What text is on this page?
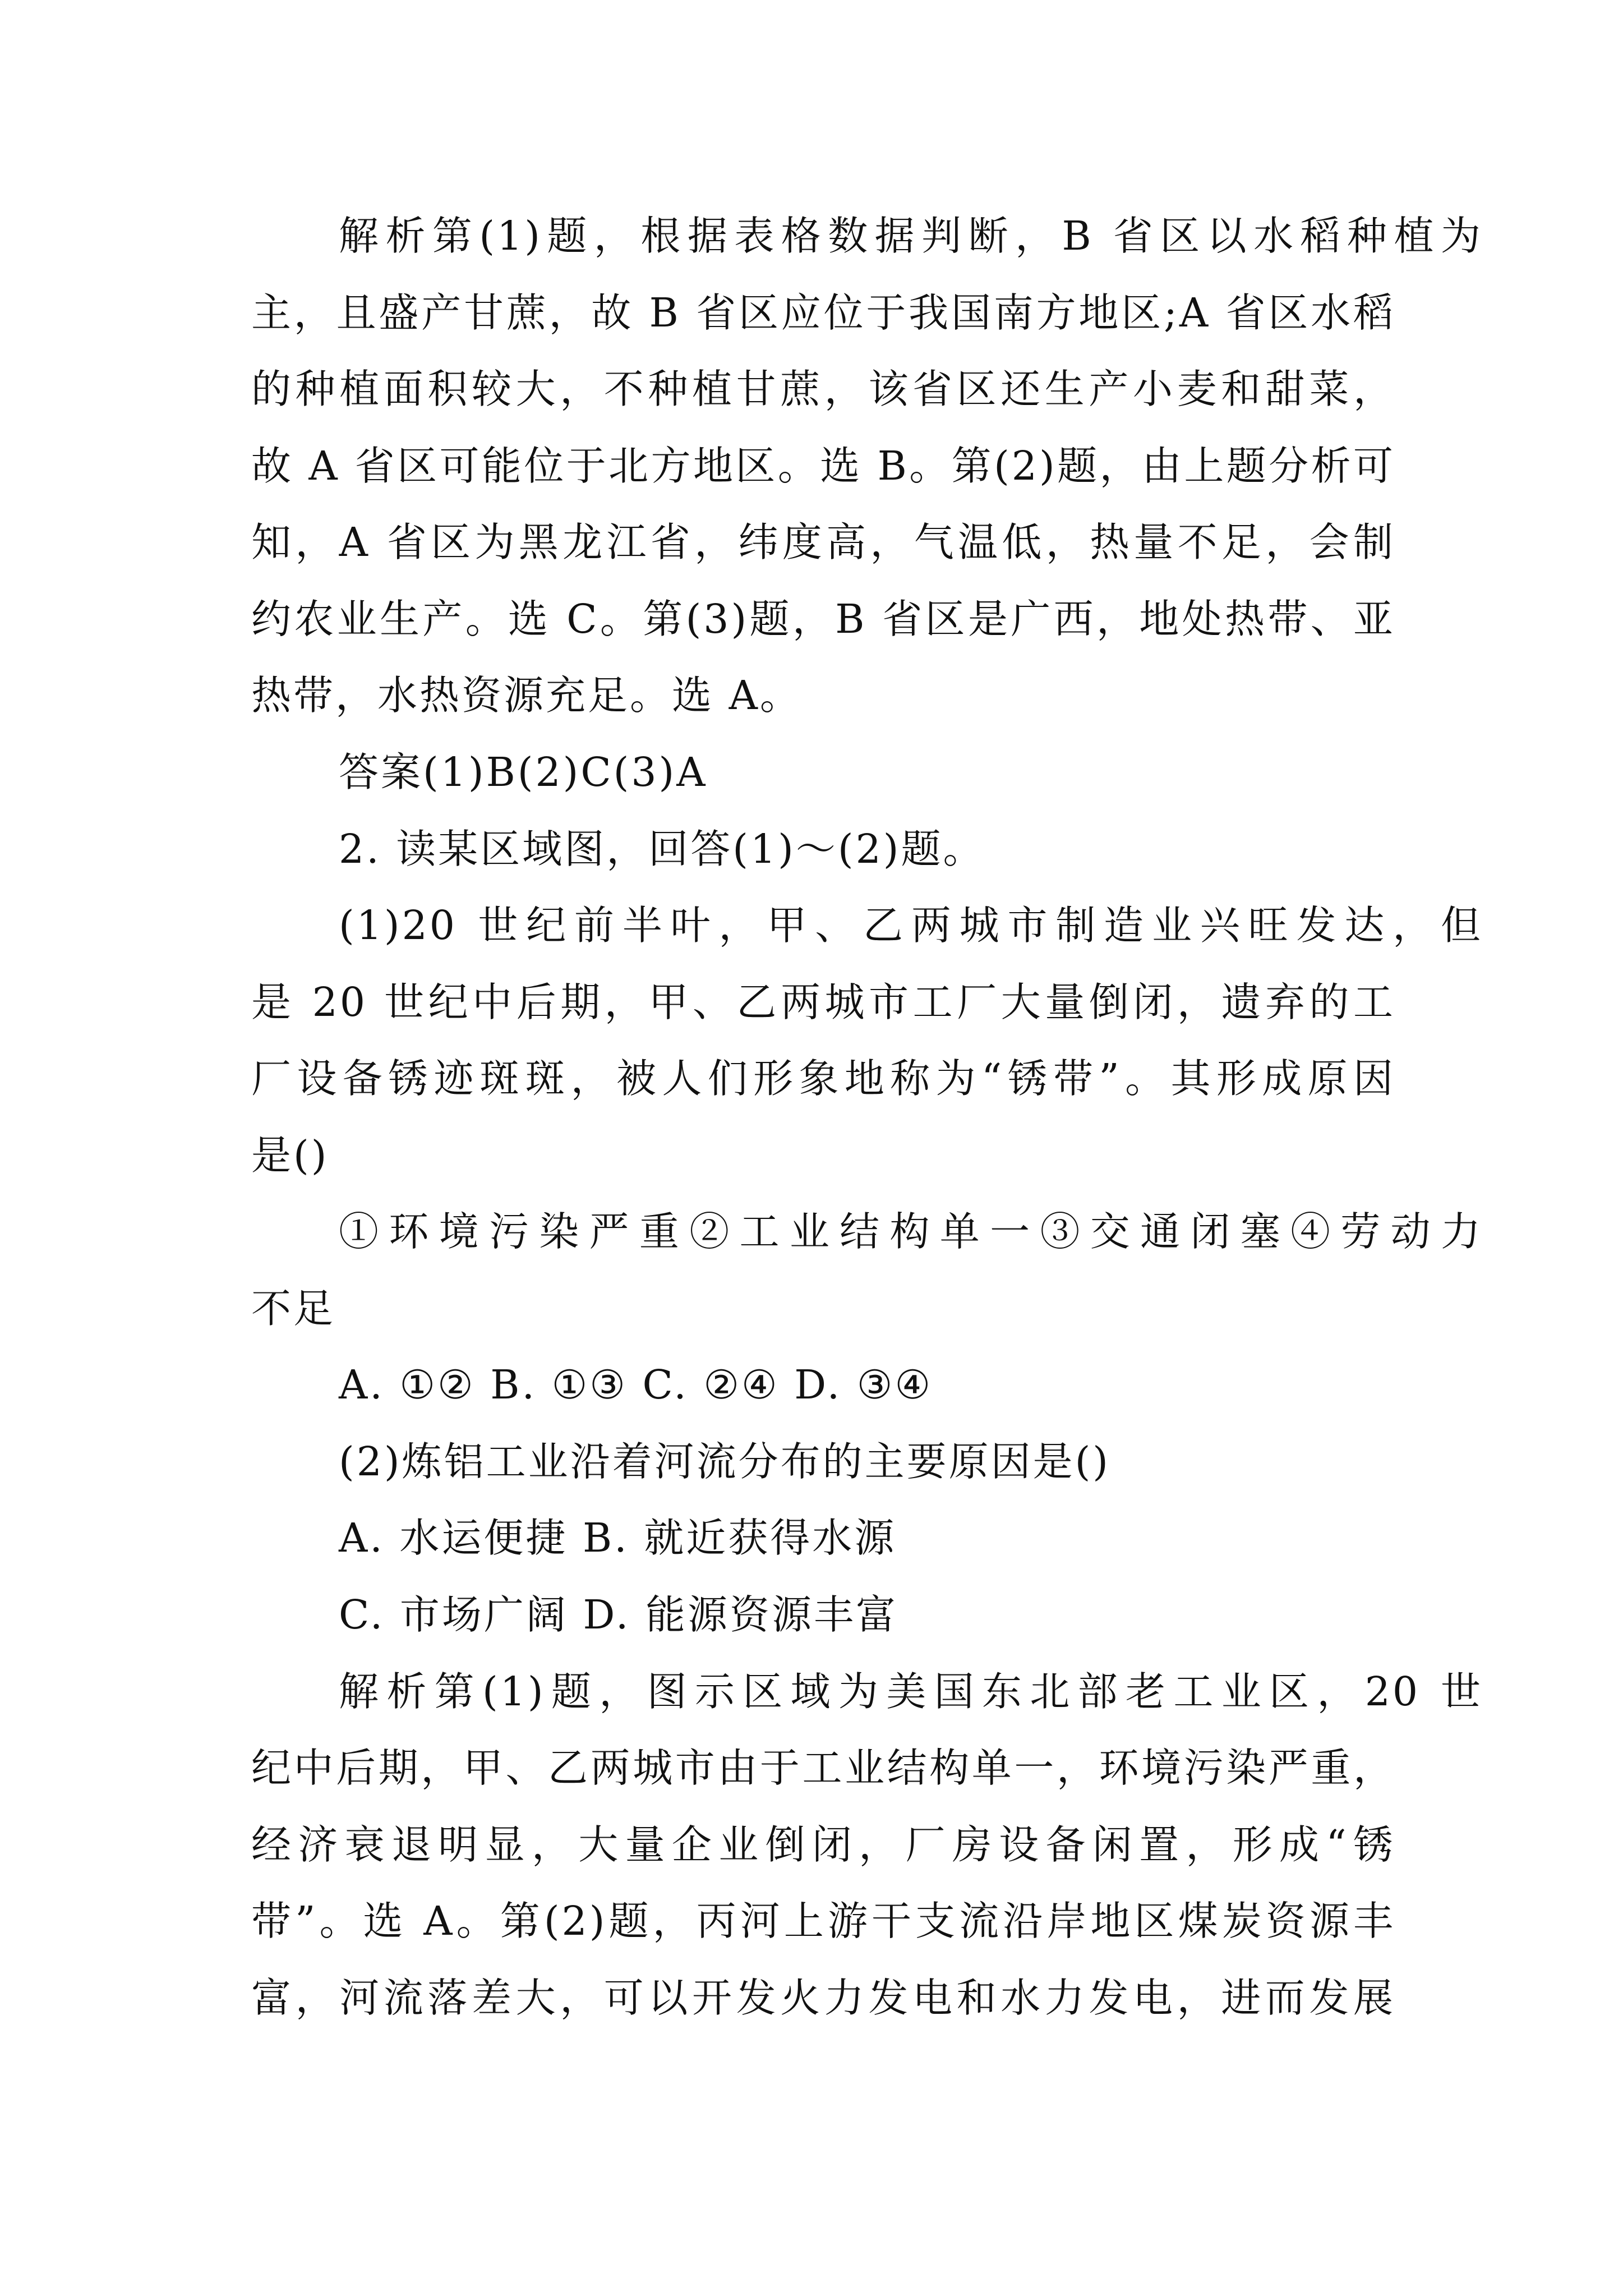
解析第(1)题，根据表格数据判断，B 省区以水稻种植为
主，且盛产甘蔗，故 B 省区应位于我国南方地区;A 省区水稻
的种植面积较大，不种植甘蔗，该省区还生产小麦和甜菜，
故 A 省区可能位于北方地区。选 B。第(2)题，由上题分析可
知，A 省区为黑龙江省，纬度高，气温低，热量不足，会制
约农业生产。选 C。第(3)题，B 省区是广西，地处热带、亚
热带，水热资源充足。选 A。
答案(1)B(2)C(3)A
2. 读某区域图，回答(1)～(2)题。
(1)20 世纪前半叶，甲、乙两城市制造业兴旺发达，但
是 20 世纪中后期，甲、乙两城市工厂大量倒闭，遗弃的工
厂设备锈迹斑斑，被人们形象地称为“锈带”。其形成原因
是()
①环境污染严重②工业结构单一③交通闭塞④劳动力
不足
A. ①② B. ①③ C. ②④ D. ③④
(2)炼铝工业沿着河流分布的主要原因是()
A. 水运便捷 B. 就近获得水源
C. 市场广阔 D. 能源资源丰富
解析第(1)题，图示区域为美国东北部老工业区，20 世
纪中后期，甲、乙两城市由于工业结构单一，环境污染严重，
经济衰退明显，大量企业倒闭，厂房设备闲置，形成“锈
带”。选 A。第(2)题，丙河上游干支流沿岸地区煤炭资源丰
富，河流落差大，可以开发火力发电和水力发电，进而发展
